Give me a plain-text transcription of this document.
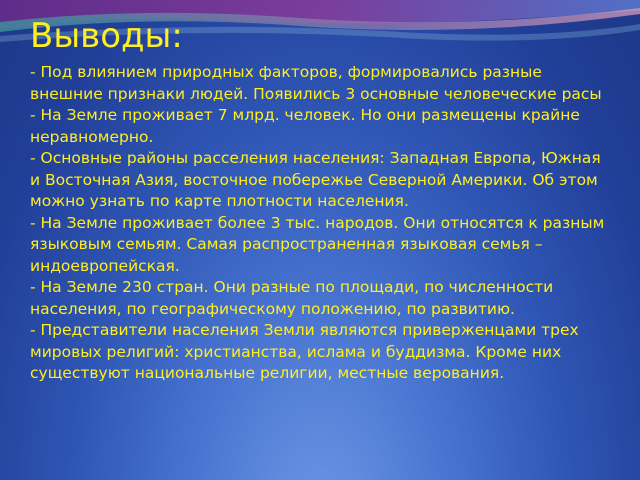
Выводы:
- Под влиянием природных факторов, формировались разные
внешние признаки людей. Появились 3 основные человеческие расы
- На Земле проживает 7 млрд. человек. Но они размещены крайне
неравномерно.
- Основные районы расселения населения: Западная Европа, Южная
и Восточная Азия, восточное побережье Северной Америки. Об этом
можно узнать по карте плотности населения.
- На Земле проживает более 3 тыс. народов. Они относятся к разным
языковым семьям. Самая распространенная языковая семья –
индоевропейская.
- На Земле 230 стран. Они разные по площади, по численности
населения, по географическому положению, по развитию.
- Представители населения Земли являются приверженцами трех
мировых религий: христианства, ислама и буддизма. Кроме них
существуют национальные религии, местные верования.
